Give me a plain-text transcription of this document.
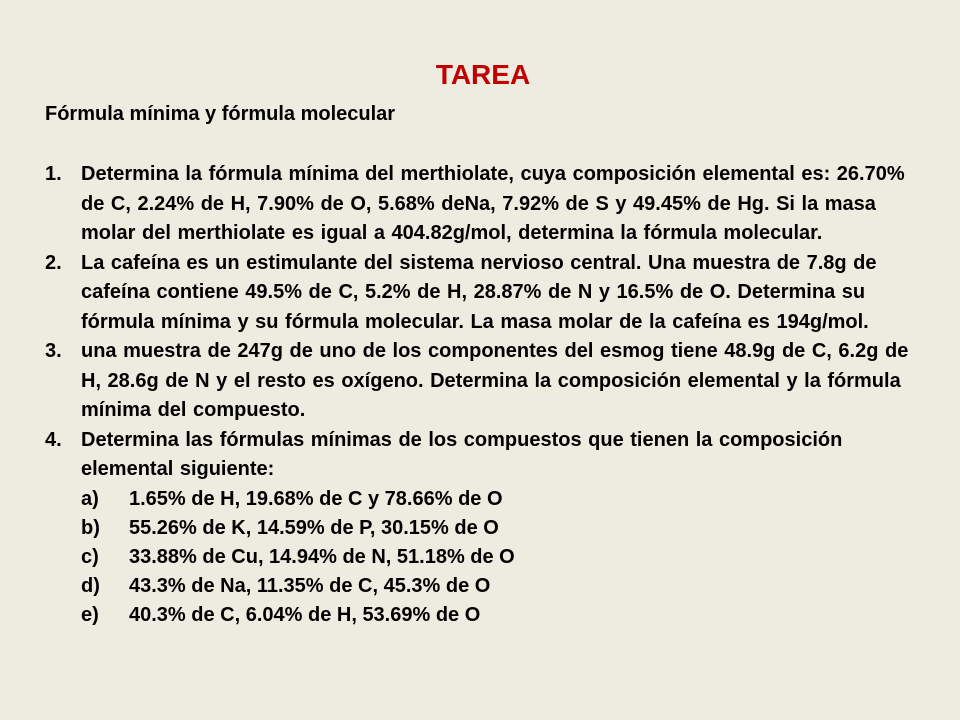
TAREA
Fórmula mínima y fórmula molecular
1. Determina la fórmula mínima del merthiolate, cuya composición elemental es: 26.70% de C, 2.24% de H, 7.90% de O, 5.68% deNa, 7.92% de S y 49.45% de Hg. Si la masa molar del merthiolate es igual a 404.82g/mol, determina la fórmula molecular.
2. La cafeína es un estimulante del sistema nervioso central. Una muestra de 7.8g de cafeína contiene 49.5% de C, 5.2% de H, 28.87% de N y 16.5% de O. Determina su fórmula mínima y su fórmula molecular. La masa molar de la cafeína es 194g/mol.
3. una muestra de 247g de uno de los componentes del esmog tiene 48.9g de C, 6.2g de H, 28.6g de N y el resto es oxígeno. Determina la composición elemental y la fórmula mínima del compuesto.
4. Determina las fórmulas mínimas de los compuestos que tienen la composición elemental siguiente:
a) 1.65% de H, 19.68% de C y 78.66% de O
b) 55.26% de K, 14.59% de P, 30.15% de O
c) 33.88% de Cu, 14.94% de N, 51.18% de O
d) 43.3% de Na, 11.35% de C, 45.3% de O
e) 40.3% de C, 6.04% de H, 53.69% de O
